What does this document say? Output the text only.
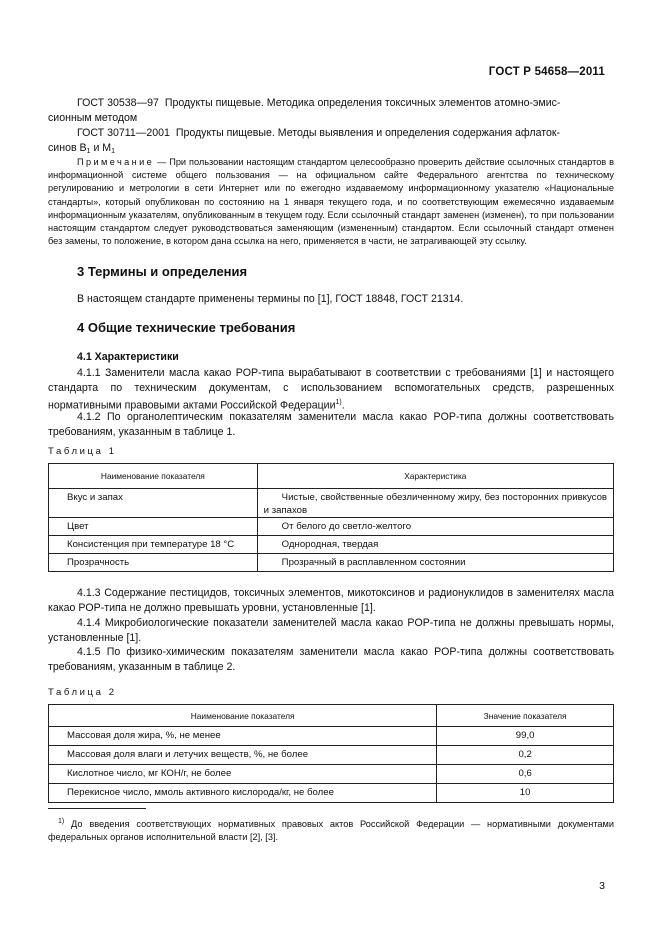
ГОСТ Р 54658—2011
ГОСТ 30538—97 Продукты пищевые. Методика определения токсичных элементов атомно-эмис-
сионным методом
ГОСТ 30711—2001 Продукты пищевые. Методы выявления и определения содержания афлаток-
синов $В_1$ и $М_1$
Примечание — При пользовании настоящим стандартом целесообразно проверить действие ссылочных стандартов в информационной системе общего пользования — на официальном сайте Федерального агентства по техническому регулированию и метрологии в сети Интернет или по ежегодно издаваемому информационному указателю «Национальные стандарты», который опубликован по состоянию на 1 января текущего года, и по соответствующим ежемесячно издаваемым информационным указателям, опубликованным в текущем году. Если ссылочный стандарт заменен (изменен), то при пользовании настоящим стандартом следует руководствоваться заменяющим (измененным) стандартом. Если ссылочный стандарт отменен без замены, то положение, в котором дана ссылка на него, применяется в части, не затрагивающей эту ссылку.
3 Термины и определения
В настоящем стандарте применены термины по [1], ГОСТ 18848, ГОСТ 21314.
4 Общие технические требования
4.1 Характеристики
4.1.1 Заменители масла какао POP-типа вырабатывают в соответствии с требованиями [1] и настоящего стандарта по техническим документам, с использованием вспомогательных средств, разрешенных нормативными правовыми актами Российской Федерации$^{1)}$.
4.1.2 По органолептическим показателям заменители масла какао POP-типа должны соответствовать требованиям, указанным в таблице 1.
Таблица 1
Наименование показателя	Характеристика
Вкус и запах	Чистые, свойственные обезличенному жиру, без посторонних привкусов и запахов

Цвет	От белого до светло-желтого
Консистенция при температуре 18 °С	Однородная, твердая
Прозрачность	Прозрачный в расплавленном состоянии
4.1.3 Содержание пестицидов, токсичных элементов, микотоксинов и радионуклидов в заменителях масла какао POP-типа не должно превышать уровни, установленные [1].
4.1.4 Микробиологические показатели заменителей масла какао POP-типа не должны превышать нормы, установленные [1].
4.1.5 По физико-химическим показателям заменители масла какао POP-типа должны соответствовать требованиям, указанным в таблице 2.
Таблица 2
Наименование показателя	Значение показателя
Массовая доля жира, %, не менее	99,0
Массовая доля влаги и летучих веществ, %, не более	0,2
Кислотное число, мг КОН/г, не более	0,6
Перекисное число, ммоль активного кислорода/кг, не более	10
$^{1)}$ До введения соответствующих нормативных правовых актов Российской Федерации — нормативными документами федеральных органов исполнительной власти [2], [3].
3
